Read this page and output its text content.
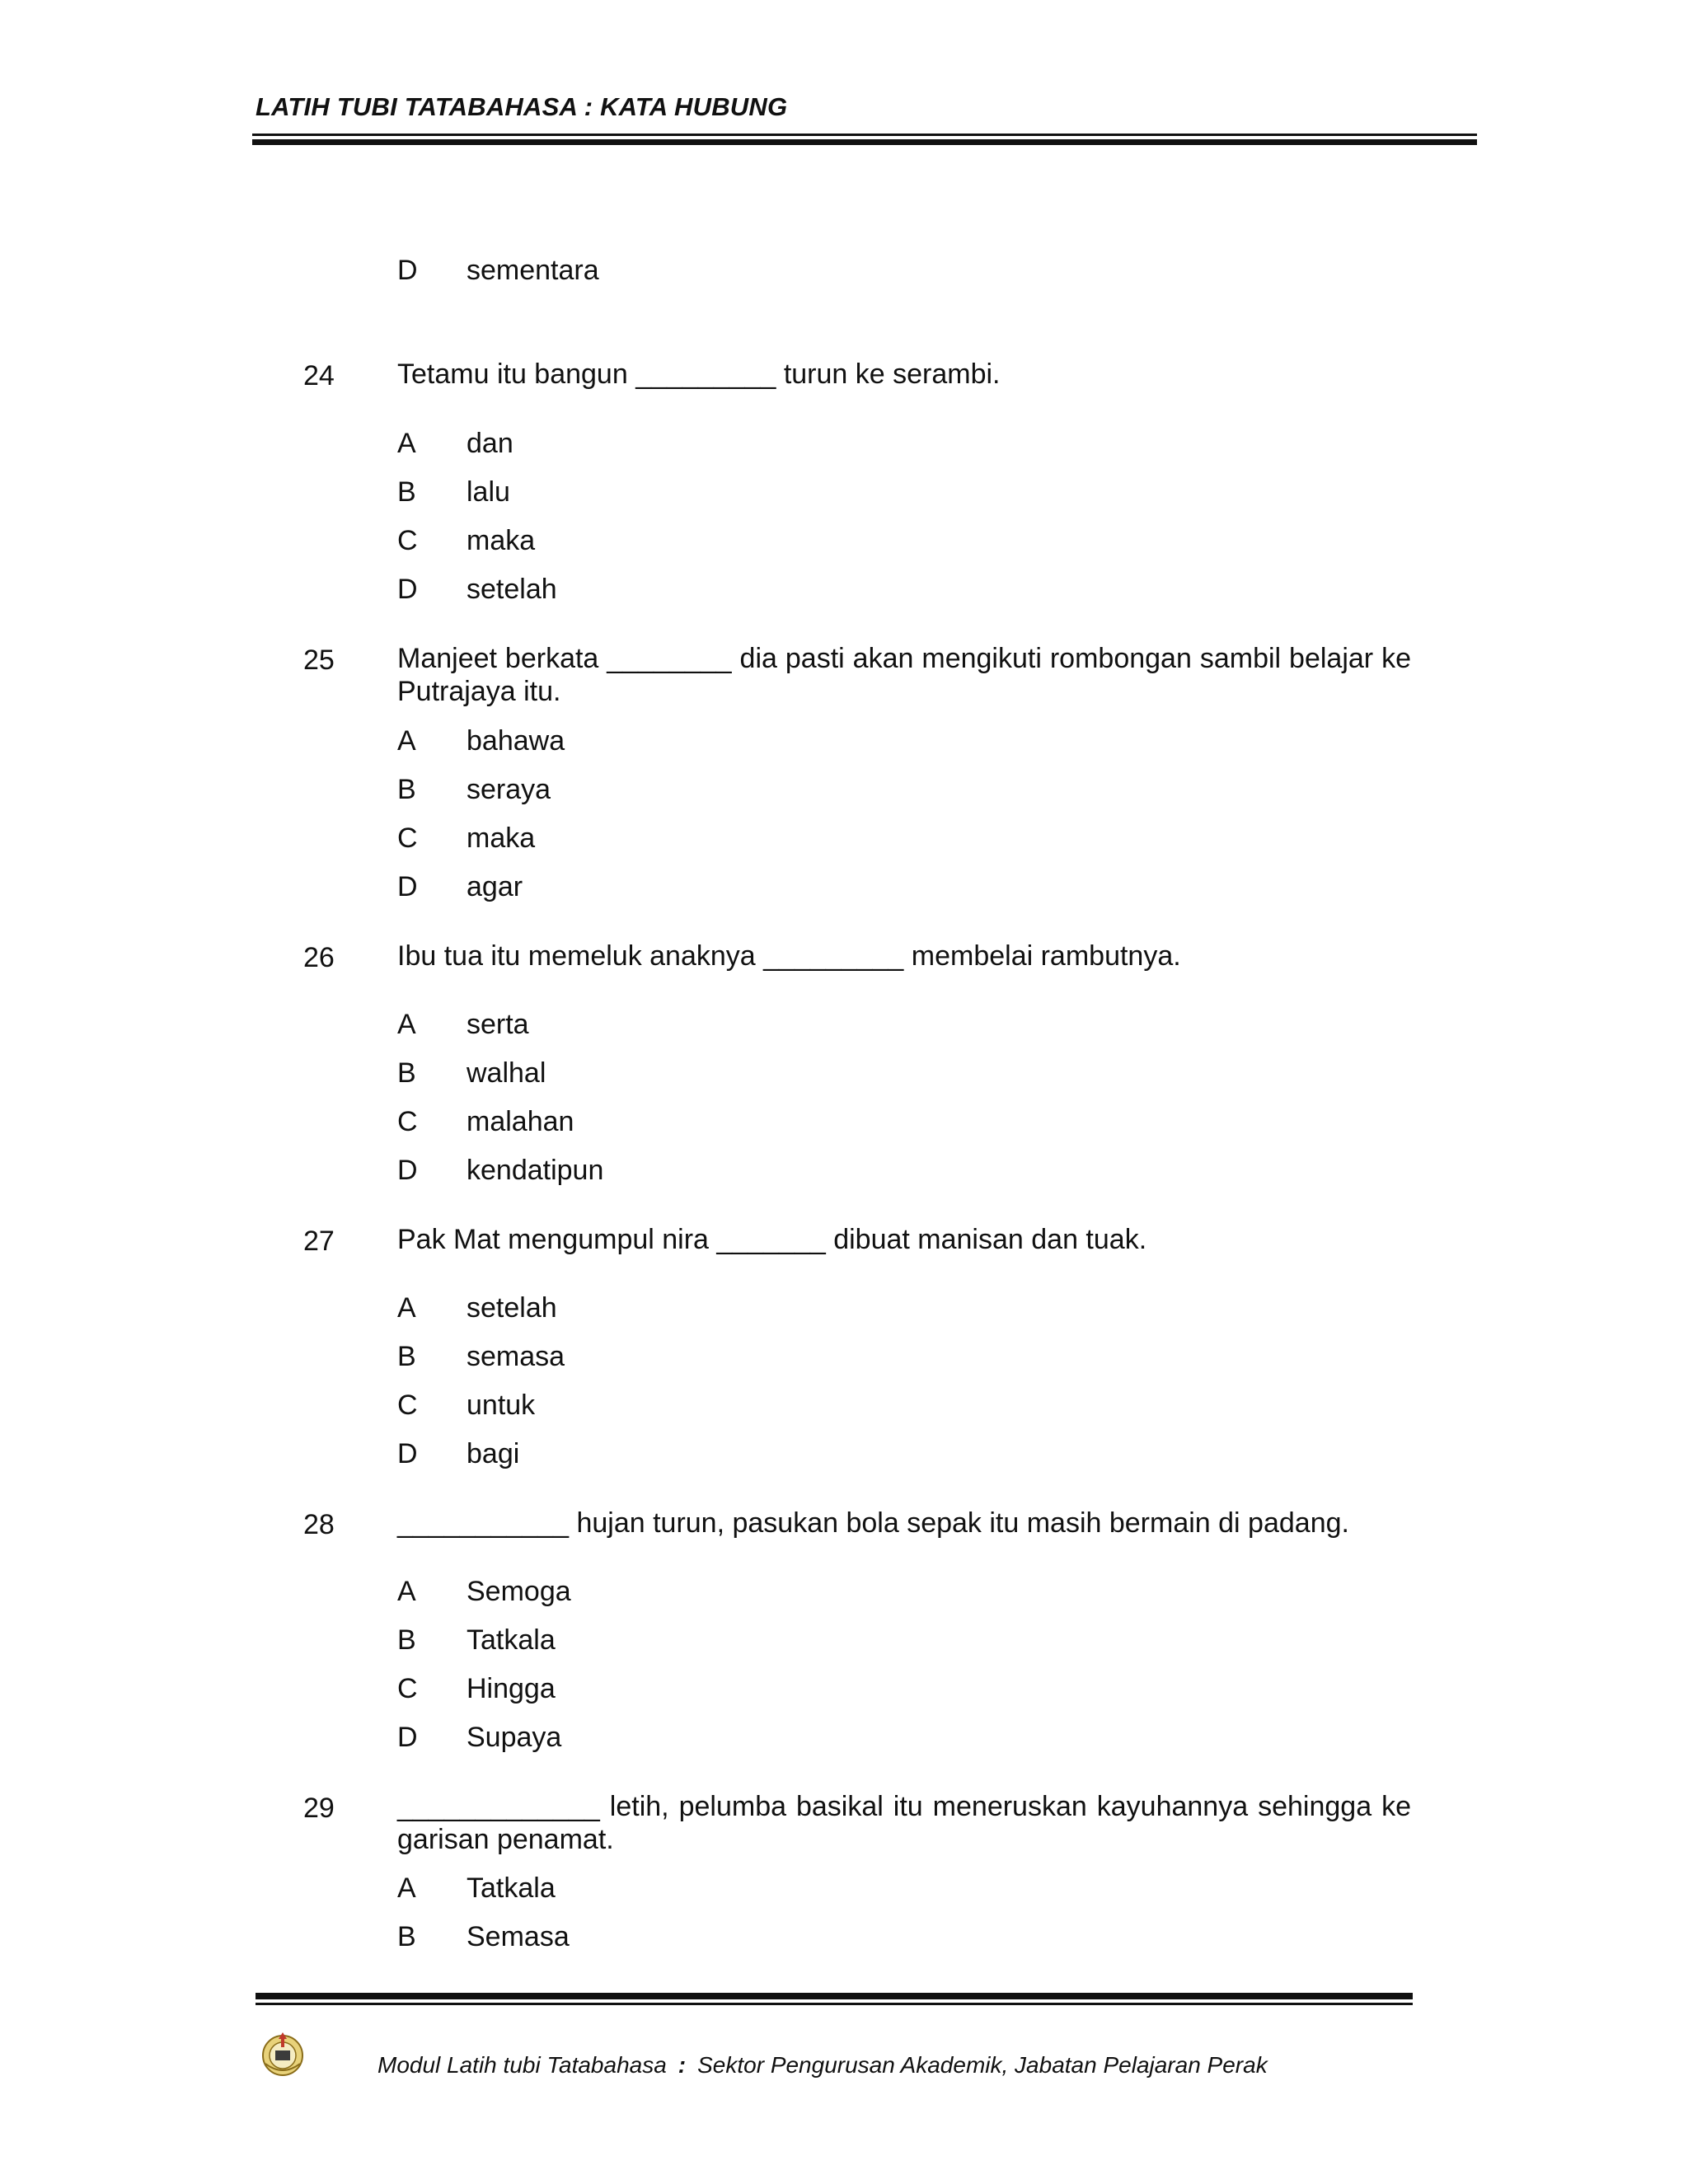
LATIH TUBI TATABAHASA : KATA HUBUNG
D sementara
24 Tetamu itu bangun _________ turun ke serambi.
A dan
B lalu
C maka
D setelah
25 Manjeet berkata ________ dia pasti akan mengikuti rombongan sambil belajar ke Putrajaya itu.
A bahawa
B seraya
C maka
D agar
26 Ibu tua itu memeluk anaknya _________ membelai rambutnya.
A serta
B walhal
C malahan
D kendatipun
27 Pak Mat mengumpul nira _______ dibuat manisan dan tuak.
A setelah
B semasa
C untuk
D bagi
28 ___________ hujan turun, pasukan bola sepak itu masih bermain di padang.
A Semoga
B Tatkala
C Hingga
D Supaya
29 _____________ letih, pelumba basikal itu meneruskan kayuhannya sehingga ke garisan penamat.
A Tatkala
B Semasa
Modul Latih tubi Tatabahasa : Sektor Pengurusan Akademik, Jabatan Pelajaran Perak
